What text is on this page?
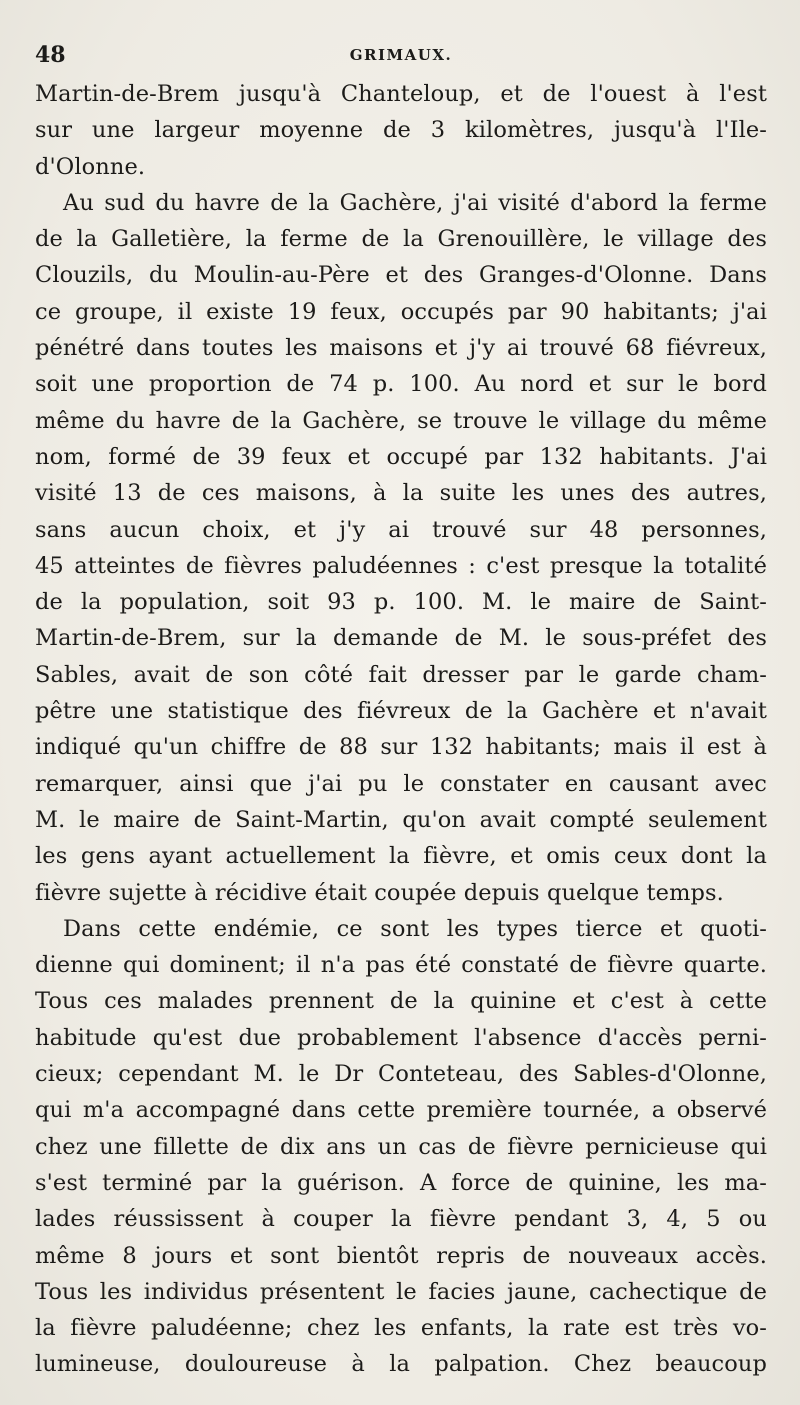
48	GRIMAUX.
Martin-de-Brem jusqu'à Chanteloup, et de l'ouest à l'est
sur une largeur moyenne de 3 kilomètres, jusqu'à l'Ile-
d'Olonne.
Au sud du havre de la Gachère, j'ai visité d'abord la ferme
de la Galletière, la ferme de la Grenouillère, le village des
Clouzils, du Moulin-au-Père et des Granges-d'Olonne. Dans
ce groupe, il existe 19 feux, occupés par 90 habitants; j'ai
pénétré dans toutes les maisons et j'y ai trouvé 68 fiévreux,
soit une proportion de 74 p. 100. Au nord et sur le bord
même du havre de la Gachère, se trouve le village du même
nom, formé de 39 feux et occupé par 132 habitants. J'ai
visité 13 de ces maisons, à la suite les unes des autres,
sans aucun choix, et j'y ai trouvé sur 48 personnes,
45 atteintes de fièvres paludéennes : c'est presque la totalité
de la population, soit 93 p. 100. M. le maire de Saint-
Martin-de-Brem, sur la demande de M. le sous-préfet des
Sables, avait de son côté fait dresser par le garde cham-
pêtre une statistique des fiévreux de la Gachère et n'avait
indiqué qu'un chiffre de 88 sur 132 habitants; mais il est à
remarquer, ainsi que j'ai pu le constater en causant avec
M. le maire de Saint-Martin, qu'on avait compté seulement
les gens ayant actuellement la fièvre, et omis ceux dont la
fièvre sujette à récidive était coupée depuis quelque temps.
Dans cette endémie, ce sont les types tierce et quoti-
dienne qui dominent; il n'a pas été constaté de fièvre quarte.
Tous ces malades prennent de la quinine et c'est à cette
habitude qu'est due probablement l'absence d'accès perni-
cieux; cependant M. le Dr Conteteau, des Sables-d'Olonne,
qui m'a accompagné dans cette première tournée, a observé
chez une fillette de dix ans un cas de fièvre pernicieuse qui
s'est terminé par la guérison. A force de quinine, les ma-
lades réussissent à couper la fièvre pendant 3, 4, 5 ou
même 8 jours et sont bientôt repris de nouveaux accès.
Tous les individus présentent le facies jaune, cachectique de
la fièvre paludéenne; chez les enfants, la rate est très vo-
lumineuse, douloureuse à la palpation. Chez beaucoup
